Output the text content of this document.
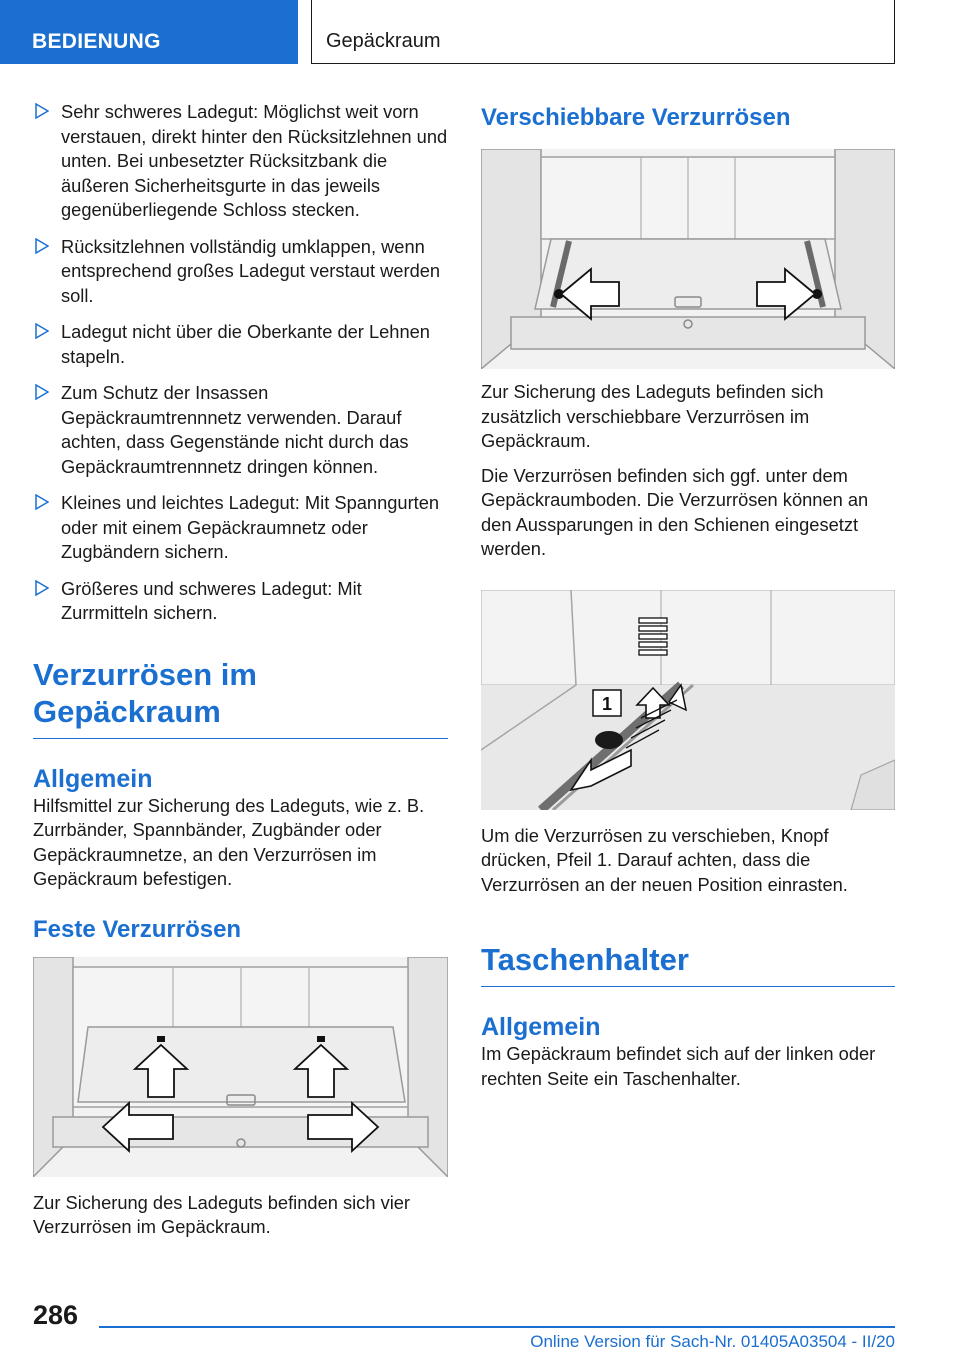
BEDIENUNG	Gepäckraum
Sehr schweres Ladegut: Möglichst weit vorn verstauen, direkt hinter den Rücksitzlehnen und unten. Bei unbesetzter Rücksitzbank die äußeren Sicherheitsgurte in das jeweils gegenüberliegende Schloss stecken.
Rücksitzlehnen vollständig umklappen, wenn entsprechend großes Ladegut verstaut werden soll.
Ladegut nicht über die Oberkante der Lehnen stapeln.
Zum Schutz der Insassen Gepäckraumtrennnetz verwenden. Darauf achten, dass Gegenstände nicht durch das Gepäckraumtrennnetz dringen können.
Kleines und leichtes Ladegut: Mit Spanngurten oder mit einem Gepäckraumnetz oder Zugbändern sichern.
Größeres und schweres Ladegut: Mit Zurrmitteln sichern.
Verzurrösen im Gepäckraum
Allgemein
Hilfsmittel zur Sicherung des Ladeguts, wie z. B. Zurrbänder, Spannbänder, Zugbänder oder Gepäckraumnetze, an den Verzurrösen im Gepäckraum befestigen.
Feste Verzurrösen
Zur Sicherung des Ladeguts befinden sich vier Verzurrösen im Gepäckraum.
Verschiebbare Verzurrösen
Zur Sicherung des Ladeguts befinden sich zusätzlich verschiebbare Verzurrösen im Gepäckraum.
Die Verzurrösen befinden sich ggf. unter dem Gepäckraumboden. Die Verzurrösen können an den Aussparungen in den Schienen eingesetzt werden.
1
Um die Verzurrösen zu verschieben, Knopf drücken, Pfeil 1. Darauf achten, dass die Verzurrösen an der neuen Position einrasten.
Taschenhalter
Allgemein
Im Gepäckraum befindet sich auf der linken oder rechten Seite ein Taschenhalter.
286
Online Version für Sach-Nr. 01405A03504 - II/20
